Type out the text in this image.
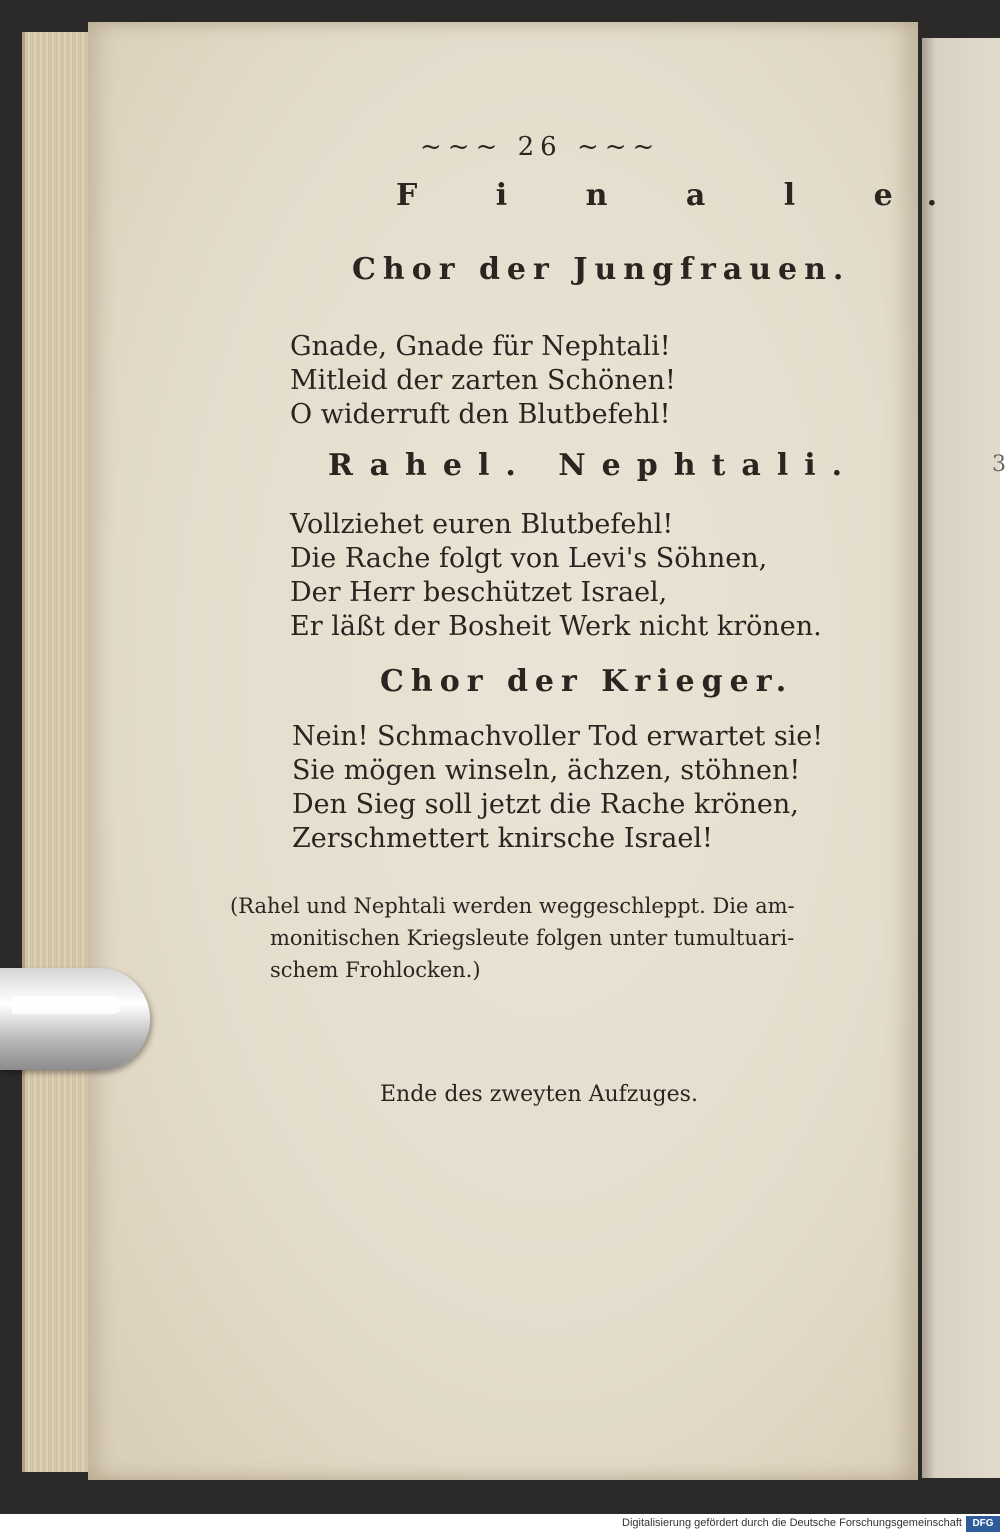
3
~~~ 26 ~~~
F i n a l e.
Chor der Jungfrauen.
Gnade, Gnade für Nephtali!
Mitleid der zarten Schönen!
O widerruft den Blutbefehl!
Rahel. Nephtali.
Vollziehet euren Blutbefehl!
Die Rache folgt von Levi's Söhnen,
Der Herr beschützet Israel,
Er läßt der Bosheit Werk nicht krönen.
Chor der Krieger.
Nein! Schmachvoller Tod erwartet sie!
Sie mögen winseln, ächzen, stöhnen!
Den Sieg soll jetzt die Rache krönen,
Zerschmettert knirsche Israel!
(Rahel und Nephtali werden weggeschleppt. Die am-
monitischen Kriegsleute folgen unter tumultuari-
schem Frohlocken.)
Ende des zweyten Aufzuges.
Digitalisierung gefördert durch die Deutsche Forschungsgemeinschaft	DFG
